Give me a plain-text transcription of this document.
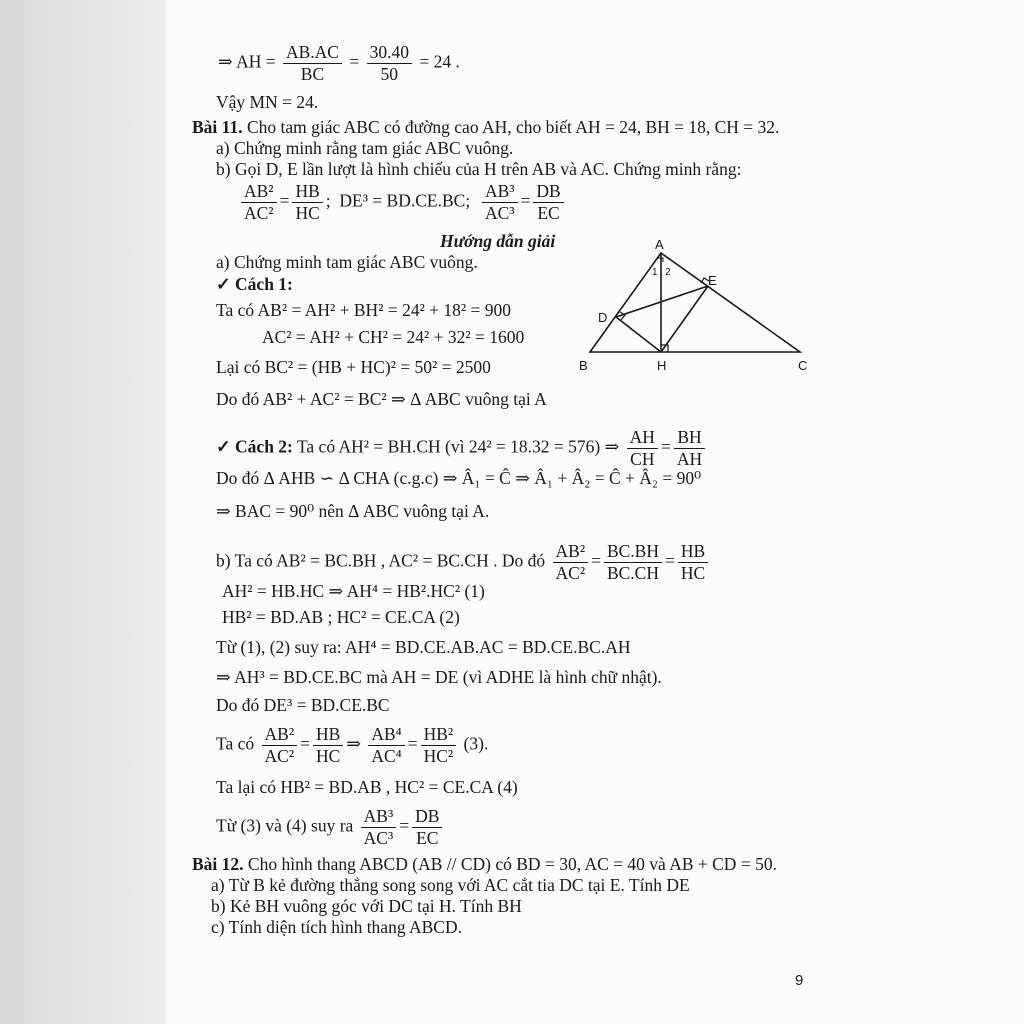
⇒ AH = $\frac{AB.AC}{BC} = \frac{30.40}{50} = 24$ .
Vậy MN = 24.
Bài 11. Cho tam giác ABC có đường cao AH, cho biết AH = 24, BH = 18, CH = 32.
a) Chứng minh rằng tam giác ABC vuông.
b) Gọi D, E lần lượt là hình chiếu của H trên AB và AC. Chứng minh rằng:
$\frac{\text{AB²}}{\text{AC²}} = \frac{HB}{HC}$ ;  DE³ = BD.CE.BC; $\frac{\text{AB³}}{\text{AC³}} = \frac{DB}{EC}$
Hướng dẫn giải
a) Chứng minh tam giác ABC vuông.
✓ Cách 1:
Ta có AB² = AH² + BH² = 24² + 18² = 900
AC² = AH² + CH² = 24² + 32² = 1600
Lại có BC² = (HB + HC)² = 50² = 2500
Do đó AB² + AC² = BC² ⇒ Δ ABC vuông tại A
✓ Cách 2: Ta có AH² = BH.CH (vì 24² = 18.32 = 576) ⇒ $\frac{AH}{CH} = \frac{BH}{AH}$
Do đó Δ AHB ∽ Δ CHA (c.g.c) ⇒ Â₁ = Ĉ ⇒ Â₁ + Â₂ = Ĉ + Â₂ = 90⁰
⇒ BAC = 90⁰ nên Δ ABC vuông tại A.
b) Ta có AB² = BC.BH , AC² = BC.CH . Do đó $\frac{\text{AB²}}{\text{AC²}} = \frac{BC.BH}{BC.CH} = \frac{HB}{HC}$
AH² = HB.HC ⇒ AH⁴ = HB².HC² (1)
HB² = BD.AB ; HC² = CE.CA (2)
Từ (1), (2) suy ra: AH⁴ = BD.CE.AB.AC = BD.CE.BC.AH
⇒ AH³ = BD.CE.BC mà AH = DE (vì ADHE là hình chữ nhật).
Do đó DE³ = BD.CE.BC
Ta có $\frac{\text{AB²}}{\text{AC²}} = \frac{HB}{HC}$ ⇒ $\frac{\text{AB⁴}}{\text{AC⁴}} = \frac{\text{HB²}}{\text{HC²}} (3)$.
Ta lại có HB² = BD.AB , HC² = CE.CA (4)
Từ (3) và (4) suy ra $\frac{\text{AB³}}{\text{AC³}} = \frac{DB}{EC}$
Bài 12. Cho hình thang ABCD (AB // CD) có BD = 30, AC = 40 và AB + CD = 50.
a) Từ B kẻ đường thẳng song song với AC cắt tia DC tại E. Tính DE
b) Kẻ BH vuông góc với DC tại H. Tính BH
c) Tính diện tích hình thang ABCD.
9
A
B	C
D
E
H
1 2
